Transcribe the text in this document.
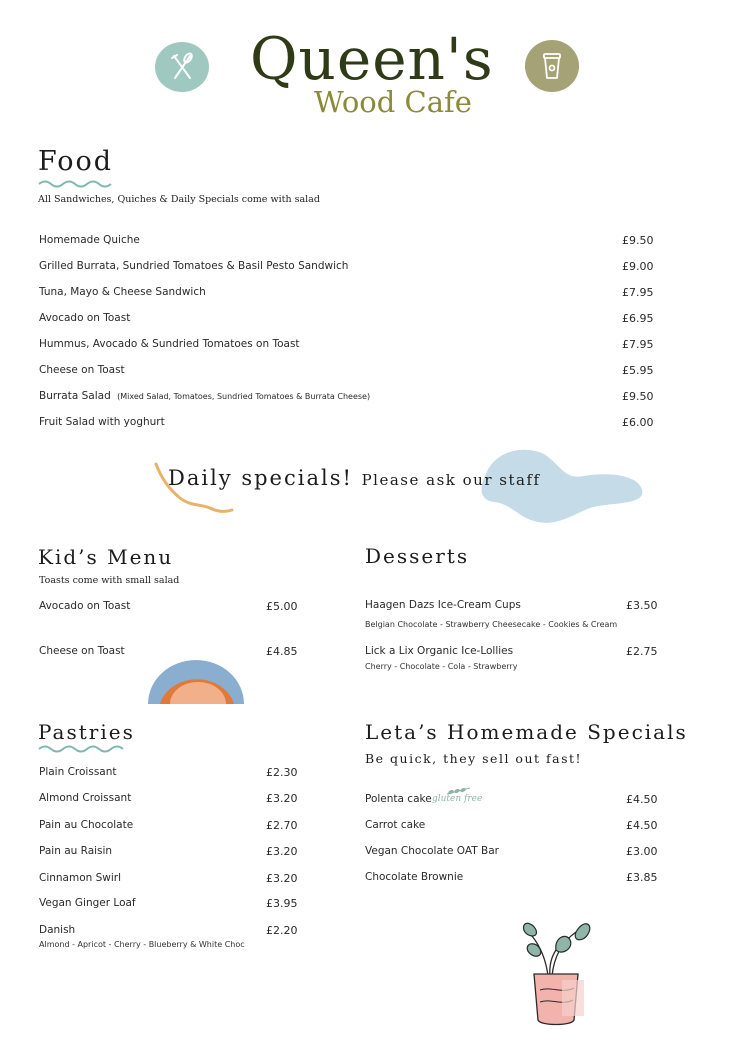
Queen's
Wood Cafe
Food
All Sandwiches, Quiches & Daily Specials come with salad
Homemade Quiche	£9.50
Grilled Burrata, Sundried Tomatoes & Basil Pesto Sandwich	£9.00
Tuna, Mayo & Cheese Sandwich	£7.95
Avocado on Toast	£6.95
Hummus, Avocado & Sundried Tomatoes on Toast	£7.95
Cheese on Toast	£5.95
Burrata Salad (Mixed Salad, Tomatoes, Sundried Tomatoes & Burrata Cheese)	£9.50
Fruit Salad with yoghurt	£6.00
Daily specials! Please ask our staff
Kid’s Menu
Toasts come with small salad
Avocado on Toast	£5.00
Cheese on Toast	£4.85
Desserts
Haagen Dazs Ice-Cream Cups	£3.50
Belgian Chocolate - Strawberry Cheesecake - Cookies & Cream
Lick a Lix Organic Ice-Lollies	£2.75
Cherry - Chocolate - Cola - Strawberry
Pastries
Plain Croissant	£2.30
Almond Croissant	£3.20
Pain au Chocolate	£2.70
Pain au Raisin	£3.20
Cinnamon Swirl	£3.20
Vegan Ginger Loaf	£3.95
Danish	£2.20
Almond - Apricot - Cherry - Blueberry & White Choc
Leta’s Homemade Specials
Be quick, they sell out fast!
Polenta cake	£4.50
gluten free
Carrot cake	£4.50
Vegan Chocolate OAT Bar	£3.00
Chocolate Brownie	£3.85
